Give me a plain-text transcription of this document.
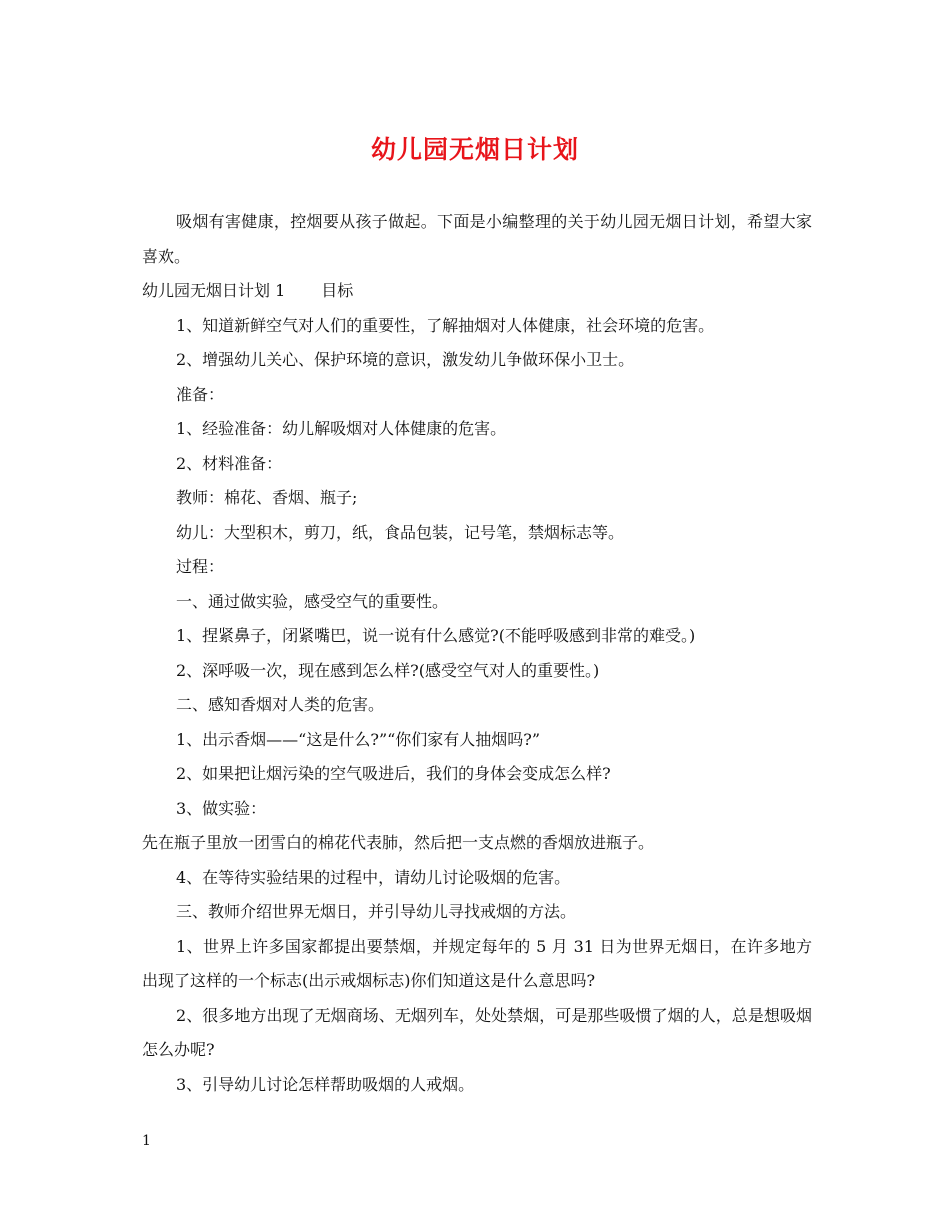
幼儿园无烟日计划

吸烟有害健康，控烟要从孩子做起。下面是小编整理的关于幼儿园无烟日计划，希望大家喜欢。

幼儿园无烟日计划 1 目标

1、知道新鲜空气对人们的重要性，了解抽烟对人体健康，社会环境的危害。

2、增强幼儿关心、保护环境的意识，激发幼儿争做环保小卫士。

准备：

1、经验准备：幼儿解吸烟对人体健康的危害。

2、材料准备：

教师：棉花、香烟、瓶子;

幼儿：大型积木，剪刀，纸，食品包装，记号笔，禁烟标志等。

过程：

一、通过做实验，感受空气的重要性。

1、捏紧鼻子，闭紧嘴巴，说一说有什么感觉?(不能呼吸感到非常的难受。)

2、深呼吸一次，现在感到怎么样?(感受空气对人的重要性。)

二、感知香烟对人类的危害。

1、出示香烟——“这是什么?”“你们家有人抽烟吗?”

2、如果把让烟污染的空气吸进后，我们的身体会变成怎么样?

3、做实验：

先在瓶子里放一团雪白的棉花代表肺，然后把一支点燃的香烟放进瓶子。

4、在等待实验结果的过程中，请幼儿讨论吸烟的危害。

三、教师介绍世界无烟日，并引导幼儿寻找戒烟的方法。

1、世界上许多国家都提出要禁烟，并规定每年的 5 月 31 日为世界无烟日，在许多地方出现了这样的一个标志(出示戒烟标志)你们知道这是什么意思吗?

2、很多地方出现了无烟商场、无烟列车，处处禁烟，可是那些吸惯了烟的人，总是想吸烟怎么办呢?

3、引导幼儿讨论怎样帮助吸烟的人戒烟。

1
